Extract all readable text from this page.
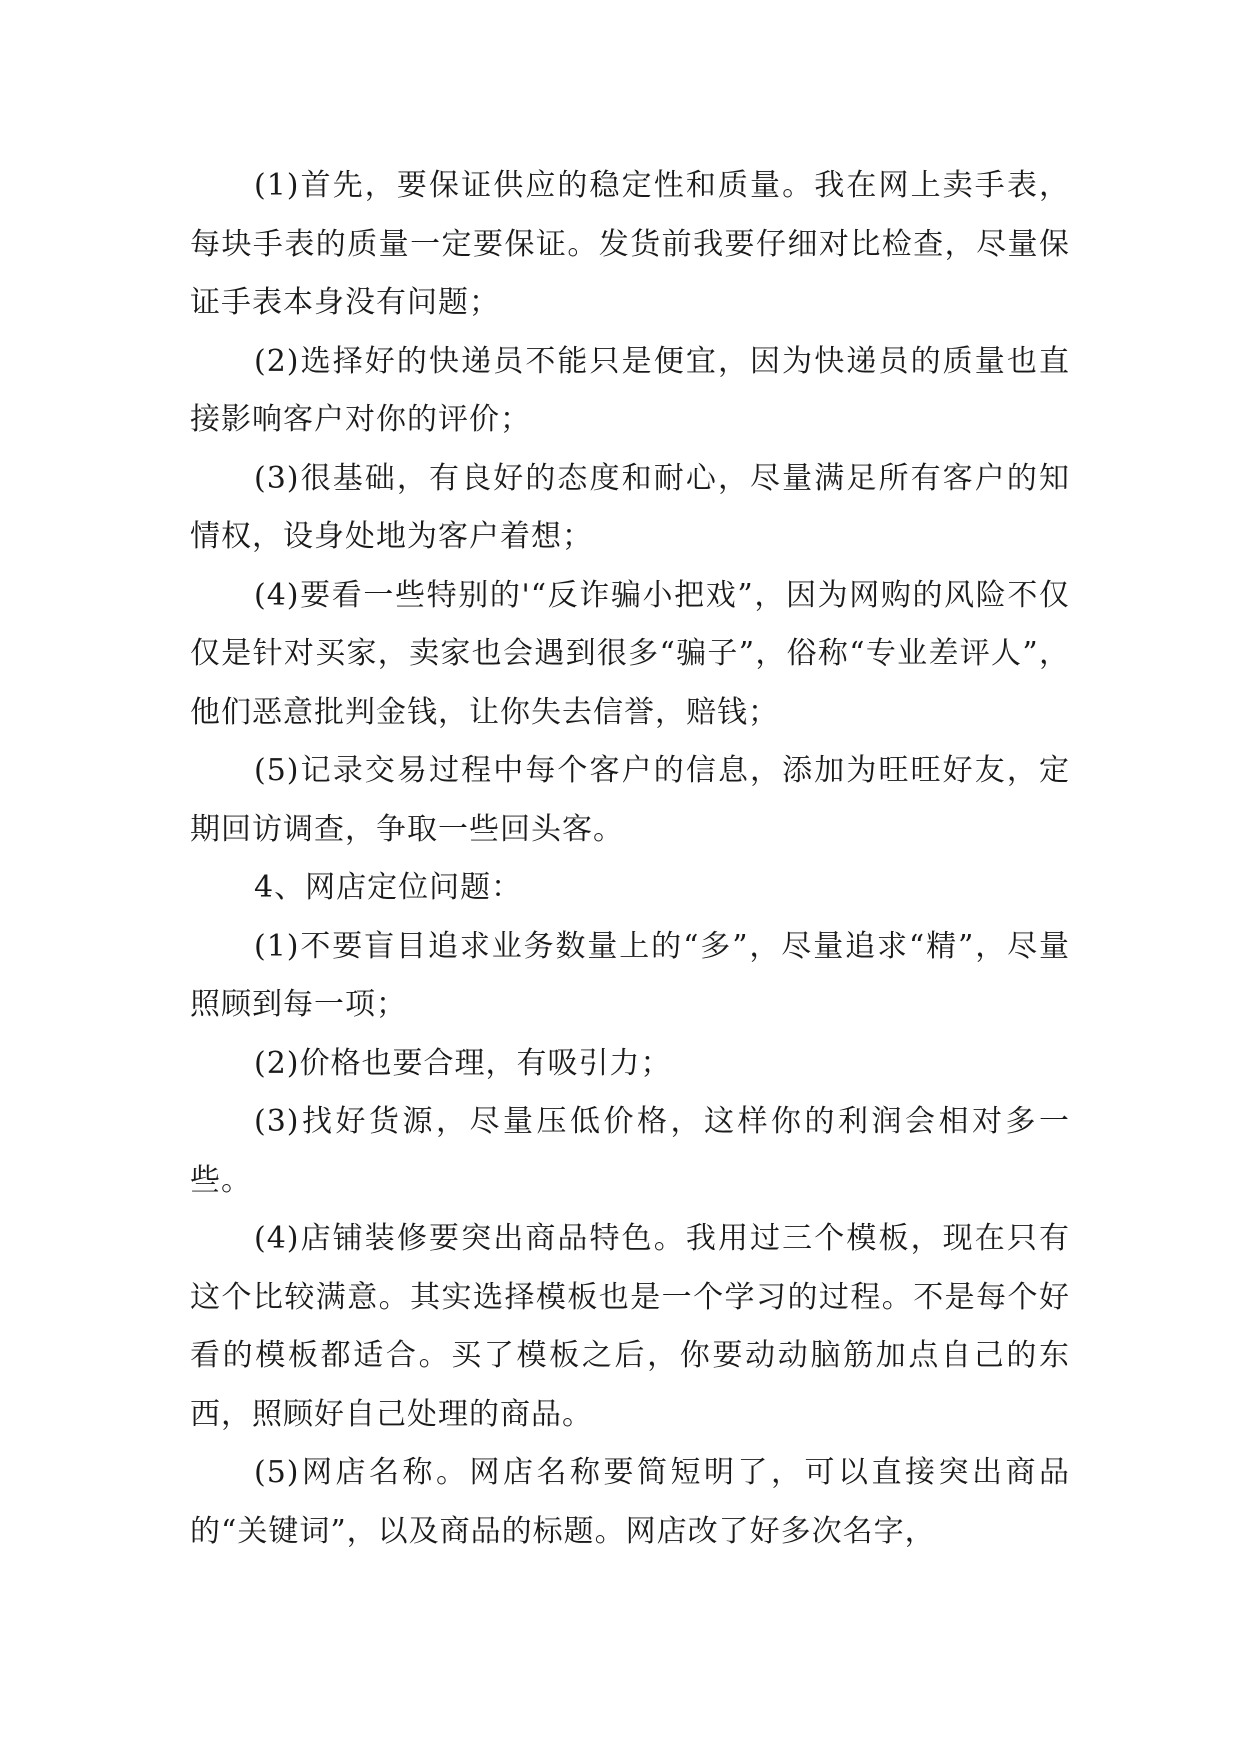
(1)首先，要保证供应的稳定性和质量。我在网上卖手表，每块手表的质量一定要保证。发货前我要仔细对比检查，尽量保证手表本身没有问题；

(2)选择好的快递员不能只是便宜，因为快递员的质量也直接影响客户对你的评价；

(3)很基础，有良好的态度和耐心，尽量满足所有客户的知情权，设身处地为客户着想；

(4)要看一些特别的'“反诈骗小把戏”，因为网购的风险不仅仅是针对买家，卖家也会遇到很多“骗子”，俗称“专业差评人”，他们恶意批判金钱，让你失去信誉，赔钱；

(5)记录交易过程中每个客户的信息，添加为旺旺好友，定期回访调查，争取一些回头客。

4、网店定位问题：

(1)不要盲目追求业务数量上的“多”，尽量追求“精”，尽量照顾到每一项；

(2)价格也要合理，有吸引力；

(3)找好货源，尽量压低价格，这样你的利润会相对多一些。

(4)店铺装修要突出商品特色。我用过三个模板，现在只有这个比较满意。其实选择模板也是一个学习的过程。不是每个好看的模板都适合。买了模板之后，你要动动脑筋加点自己的东西，照顾好自己处理的商品。

(5)网店名称。网店名称要简短明了，可以直接突出商品的“关键词”，以及商品的标题。网店改了好多次名字，
